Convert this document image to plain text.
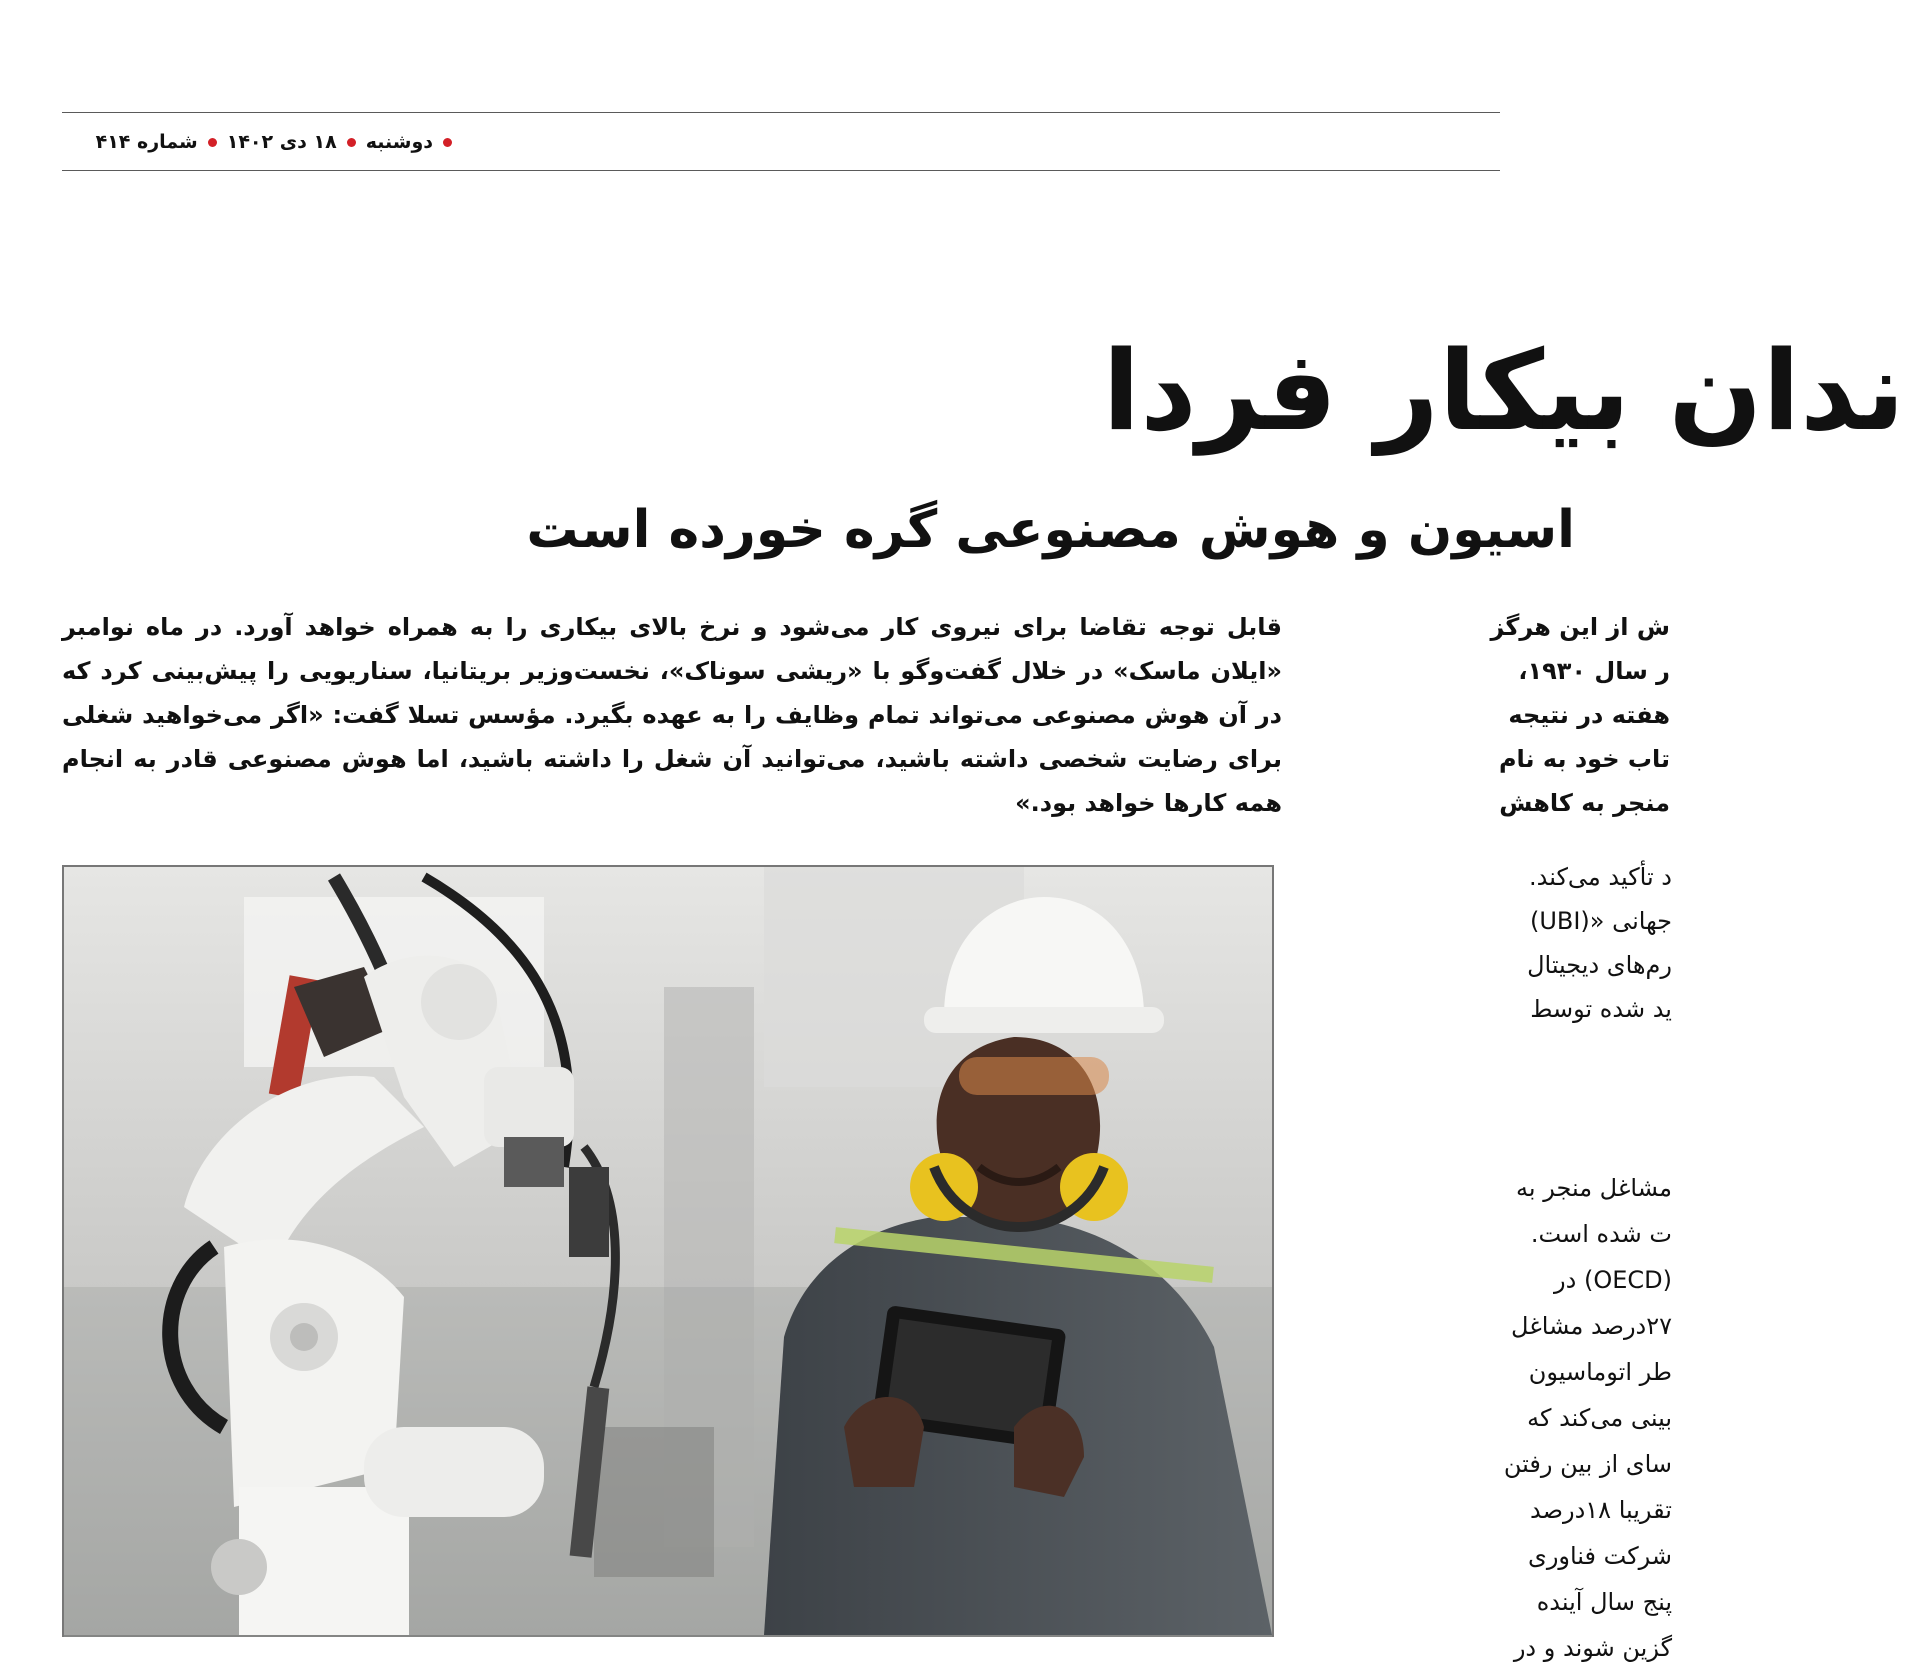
دوشنبه
۱۸ دی ۱۴۰۲
شماره ۴۱۴
ندان بیکار فردا
اسیون و هوش مصنوعی گره خورده است
قابل توجه تقاضا برای نیروی کار می‌شود و نرخ بالای بیکاری را به همراه خواهد آورد. در ماه نوامبر «ایلان ماسک» در خلال گفت‌وگو با «ریشی سوناک»، نخست‌وزیر بریتانیا، سناریویی را پیش‌بینی کرد که در آن هوش مصنوعی می‌تواند تمام وظایف را به عهده بگیرد. مؤسس تسلا گفت: «اگر می‌خواهید شغلی برای رضایت شخصی داشته باشید، می‌توانید آن شغل را داشته باشید، اما هوش مصنوعی قادر به انجام همه کارها خواهد بود.»
ش از این هرگز
ر سال ۱۹۳۰،
هفته در نتیجه
تاب خود به نام
منجر به کاهش
د تأکید می‌کند.
جهانی «(UBI)
رم‌های دیجیتال
ید شده توسط
مشاغل منجر به
ت شده است.
(OECD) در
۲۷درصد مشاغل
طر اتوماسیون
بینی می‌کند که
سای از بین رفتن
تقریبا ۱۸درصد
شرکت فناوری
پنج سال آینده
گزین شوند و در
